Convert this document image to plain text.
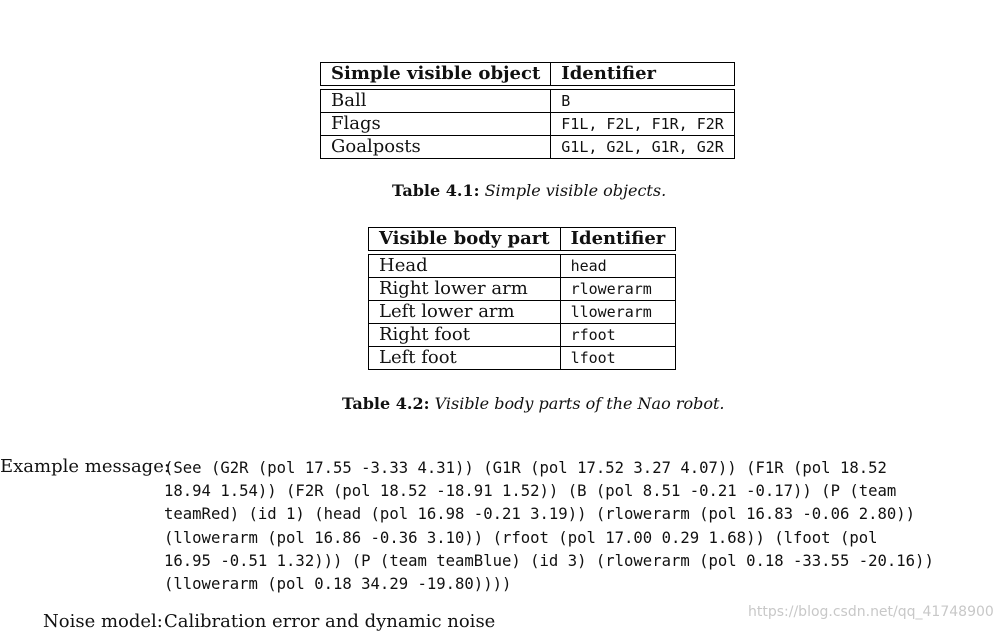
Simple visible object	Identifier

Ball	B
Flags	F1L, F2L, F1R, F2R
Goalposts	G1L, G2L, G1R, G2R
Table 4.1: Simple visible objects.
Visible body part	Identifier

Head	head
Right lower arm	rlowerarm
Left lower arm	llowerarm
Right foot	rfoot
Left foot	lfoot
Table 4.2: Visible body parts of the Nao robot.
Example message:
(See (G2R (pol 17.55 -3.33 4.31)) (G1R (pol 17.52 3.27 4.07)) (F1R (pol 18.52
18.94 1.54)) (F2R (pol 18.52 -18.91 1.52)) (B (pol 8.51 -0.21 -0.17)) (P (team
teamRed) (id 1) (head (pol 16.98 -0.21 3.19)) (rlowerarm (pol 16.83 -0.06 2.80))
(llowerarm (pol 16.86 -0.36 3.10)) (rfoot (pol 17.00 0.29 1.68)) (lfoot (pol
16.95 -0.51 1.32))) (P (team teamBlue) (id 3) (rlowerarm (pol 0.18 -33.55 -20.16))
(llowerarm (pol 0.18 34.29 -19.80))))
Noise model: Calibration error and dynamic noise	https://blog.csdn.net/qq_41748900
